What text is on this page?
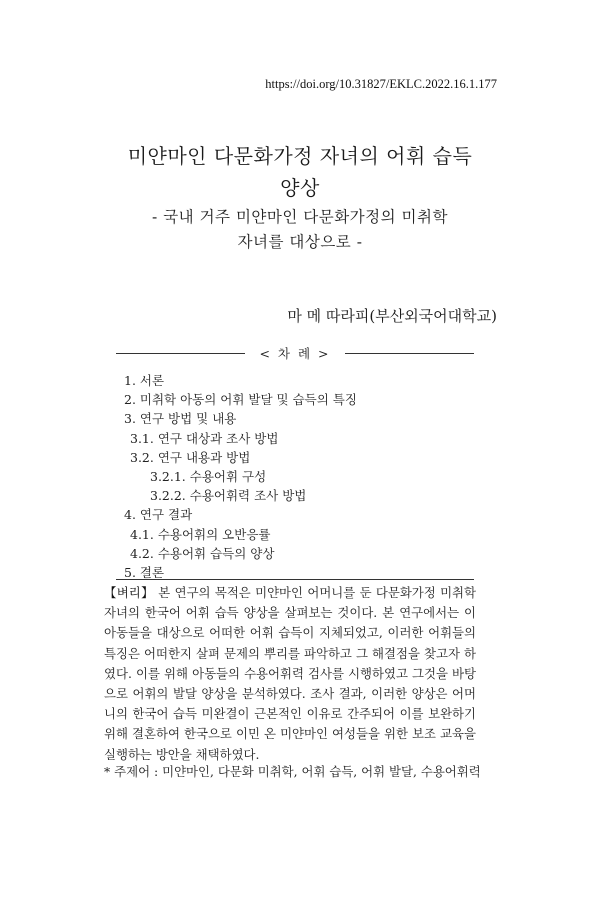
https://doi.org/10.31827/EKLC.2022.16.1.177
미얀마인 다문화가정 자녀의 어휘 습득
양상
- 국내 거주 미얀마인 다문화가정의 미취학
자녀를 대상으로 -
마 메 따라피(부산외국어대학교)
< 차 례 >
1. 서론
2. 미취학 아동의 어휘 발달 및 습득의 특징
3. 연구 방법 및 내용
3.1. 연구 대상과 조사 방법
3.2. 연구 내용과 방법
3.2.1. 수용어휘 구성
3.2.2. 수용어휘력 조사 방법
4. 연구 결과
4.1. 수용어휘의 오반응률
4.2. 수용어휘 습득의 양상
5. 결론

【벼리】 본 연구의 목적은 미얀마인 어머니를 둔 다문화가정 미취학 자녀의 한국어 어휘 습득 양상을 살펴보는 것이다. 본 연구에서는 이 아동들을 대상으로 어떠한 어휘 습득이 지체되었고, 이러한 어휘들의 특징은 어떠한지 살펴 문제의 뿌리를 파악하고 그 해결점을 찾고자 하였다. 이를 위해 아동들의 수용어휘력 검사를 시행하였고 그것을 바탕으로 어휘의 발달 양상을 분석하였다. 조사 결과, 이러한 양상은 어머니의 한국어 습득 미완결이 근본적인 이유로 간주되어 이를 보완하기 위해 결혼하여 한국으로 이민 온 미얀마인 여성들을 위한 보조 교육을 실행하는 방안을 채택하였다.

* 주제어 : 미얀마인, 다문화 미취학, 어휘 습득, 어휘 발달, 수용어휘력
